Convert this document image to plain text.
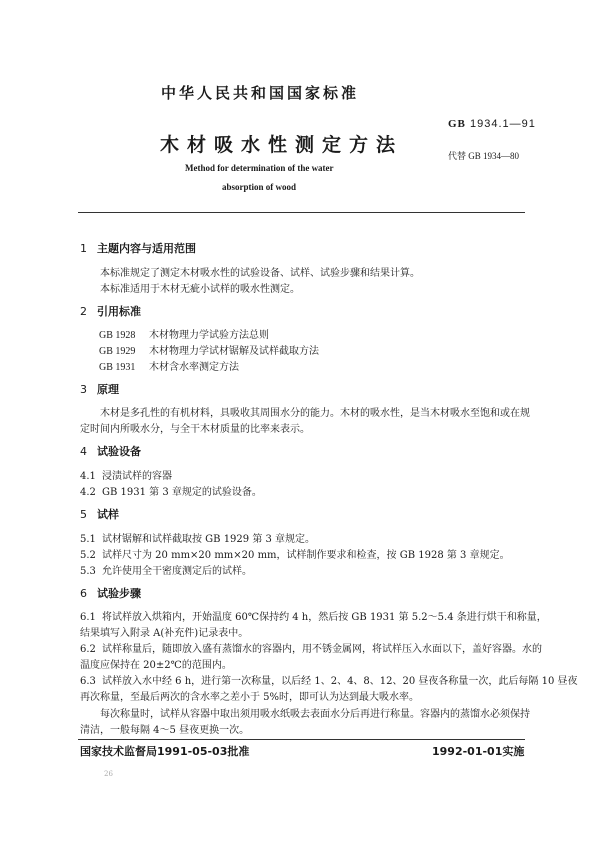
中华人民共和国国家标准
木材吸水性测定方法
Method for determination of the water
absorption of wood
GB 1934.1—91
代替 GB 1934—80
1 主题内容与适用范围
本标准规定了测定木材吸水性的试验设备、试样、试验步骤和结果计算。
本标准适用于木材无疵小试样的吸水性测定。
2 引用标准
GB 1928 木材物理力学试验方法总则
GB 1929 木材物理力学试材锯解及试样截取方法
GB 1931 木材含水率测定方法
3 原理
木材是多孔性的有机材料，具吸收其周围水分的能力。木材的吸水性，是当木材吸水至饱和或在规
定时间内所吸水分，与全干木材质量的比率来表示。
4 试验设备
4.1 浸渍试样的容器
4.2 GB 1931 第 3 章规定的试验设备。
5 试样
5.1 试材锯解和试样截取按 GB 1929 第 3 章规定。
5.2 试样尺寸为 20 mm×20 mm×20 mm，试样制作要求和检查，按 GB 1928 第 3 章规定。
5.3 允许使用全干密度测定后的试样。
6 试验步骤
6.1 将试样放入烘箱内，开始温度 60℃保持约 4 h，然后按 GB 1931 第 5.2～5.4 条进行烘干和称量，
结果填写入附录 A(补充件)记录表中。
6.2 试样称量后，随即放入盛有蒸馏水的容器内，用不锈金属网，将试样压入水面以下，盖好容器。水的
温度应保持在 20±2℃的范围内。
6.3 试样放入水中经 6 h，进行第一次称量，以后经 1、2、4、8、12、20 昼夜各称量一次，此后每隔 10 昼夜
再次称量，至最后两次的含水率之差小于 5%时，即可认为达到最大吸水率。
每次称量时，试样从容器中取出须用吸水纸吸去表面水分后再进行称量。容器内的蒸馏水必须保持
清洁，一般每隔 4～5 昼夜更换一次。
国家技术监督局1991-05-03批准	1992-01-01实施
26
